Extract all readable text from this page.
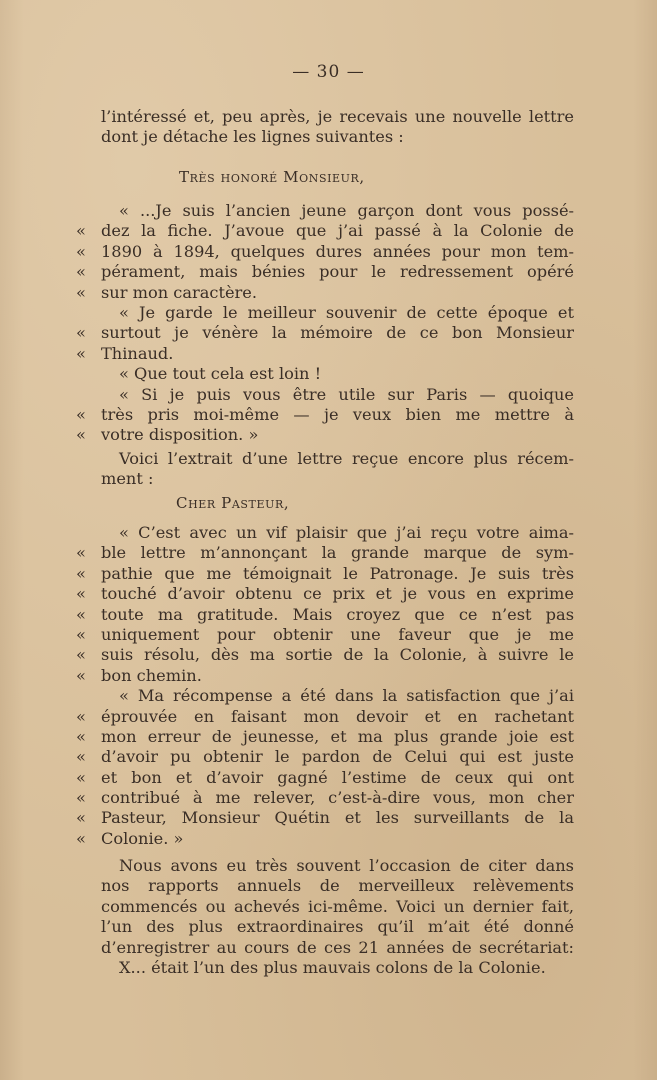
— 30 —
l’intéressé et, peu après, je recevais une nouvelle lettre
dont je détache les lignes suivantes :
Très honoré Monsieur,
« ...Je suis l’ancien jeune garçon dont vous possé-
« dez la fiche. J’avoue que j’ai passé à la Colonie de
« 1890 à 1894, quelques dures années pour mon tem-
« pérament, mais bénies pour le redressement opéré
« sur mon caractère.
« Je garde le meilleur souvenir de cette époque et
« surtout je vénère la mémoire de ce bon Monsieur
« Thinaud.
« Que tout cela est loin !
« Si je puis vous être utile sur Paris — quoique
« très pris moi-même — je veux bien me mettre à
« votre disposition. »
Voici l’extrait d’une lettre reçue encore plus récem-
ment :
Cher Pasteur,
« C’est avec un vif plaisir que j’ai reçu votre aima-
« ble lettre m’annonçant la grande marque de sym-
« pathie que me témoignait le Patronage. Je suis très
« touché d’avoir obtenu ce prix et je vous en exprime
« toute ma gratitude. Mais croyez que ce n’est pas
« uniquement pour obtenir une faveur que je me
« suis résolu, dès ma sortie de la Colonie, à suivre le
« bon chemin.
« Ma récompense a été dans la satisfaction que j’ai
« éprouvée en faisant mon devoir et en rachetant
« mon erreur de jeunesse, et ma plus grande joie est
« d’avoir pu obtenir le pardon de Celui qui est juste
« et bon et d’avoir gagné l’estime de ceux qui ont
« contribué à me relever, c’est-à-dire vous, mon cher
« Pasteur, Monsieur Quétin et les surveillants de la
« Colonie. »
Nous avons eu très souvent l’occasion de citer dans
nos rapports annuels de merveilleux relèvements
commencés ou achevés ici-même. Voici un dernier fait,
l’un des plus extraordinaires qu’il m’ait été donné
d’enregistrer au cours de ces 21 années de secrétariat:
X... était l’un des plus mauvais colons de la Colonie.
